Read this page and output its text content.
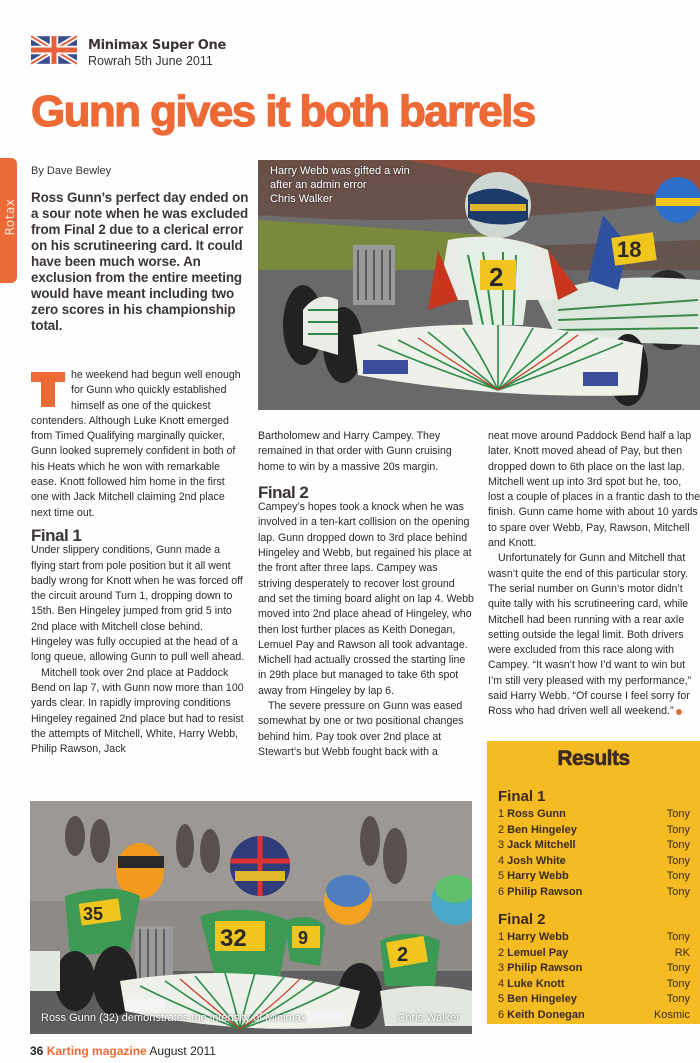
Minimax Super One
Rowrah 5th June 2011
Gunn gives it both barrels
Rotax
By Dave Bewley
Ross Gunn’s perfect day ended on a sour note when he was excluded from Final 2 due to a clerical error on his scrutineering card. It could have been much worse. An exclusion from the entire meeting would have meant including two zero scores in his championship total.
he weekend had begun well enough for Gunn who quickly established himself as one of the quickest contenders. Although Luke Knott emerged from Timed Qualifying marginally quicker, Gunn looked supremely confident in both of his Heats which he won with remarkable ease. Knott followed him home in the first one with Jack Mitchell claiming 2nd place next time out.
Final 1
Under slippery conditions, Gunn made a flying start from pole position but it all went badly wrong for Knott when he was forced off the circuit around Turn 1, dropping down to 15th. Ben Hingeley jumped from grid 5 into 2nd place with Mitchell close behind. Hingeley was fully occupied at the head of a long queue, allowing Gunn to pull well ahead.
Mitchell took over 2nd place at Paddock Bend on lap 7, with Gunn now more than 100 yards clear. In rapidly improving conditions Hingeley regained 2nd place but had to resist the attempts of Mitchell, White, Harry Webb, Philip Rawson, Jack
18
2
Harry Webb was gifted a win
after an admin error
Chris Walker
Bartholomew and Harry Campey. They remained in that order with Gunn cruising home to win by a massive 20s margin.
Final 2
Campey’s hopes took a knock when he was involved in a ten-kart collision on the opening lap. Gunn dropped down to 3rd place behind Hingeley and Webb, but regained his place at the front after three laps. Campey was striving desperately to recover lost ground and set the timing board alight on lap 4. Webb moved into 2nd place ahead of Hingeley, who then lost further places as Keith Donegan, Lemuel Pay and Rawson all took advantage. Michell had actually crossed the starting line in 29th place but managed to take 6th spot away from Hingeley by lap 6.
The severe pressure on Gunn was eased somewhat by one or two positional changes behind him. Pay took over 2nd place at Stewart’s but Webb fought back with a
neat move around Paddock Bend half a lap later. Knott moved ahead of Pay, but then dropped down to 6th place on the last lap. Mitchell went up into 3rd spot but he, too, lost a couple of places in a frantic dash to the finish. Gunn came home with about 10 yards to spare over Webb, Pay, Rawson, Mitchell and Knott.
Unfortunately for Gunn and Mitchell that wasn’t quite the end of this particular story. The serial number on Gunn’s motor didn’t quite tally with his scrutineering card, while Mitchell had been running with a rear axle setting outside the legal limit. Both drivers were excluded from this race along with Campey. “It wasn’t how I’d want to win but I’m still very pleased with my performance,” said Harry Webb. “Of course I feel sorry for Ross who had driven well all weekend.”
Results
Final 1
1 Ross Gunn	Tony
2 Ben Hingeley	Tony
3 Jack Mitchell	Tony
4 Josh White	Tony
5 Harry Webb	Tony
6 Philip Rawson	Tony
Final 2
1 Harry Webb	Tony
2 Lemuel Pay	RK
3 Philip Rawson	Tony
4 Luke Knott	Tony
5 Ben Hingeley	Tony
6 Keith Donegan	Kosmic
35
32	9
2
Ross Gunn (32) demonstrates the intensity of Minimax	Chris Walker
36 Karting magazine August 2011
